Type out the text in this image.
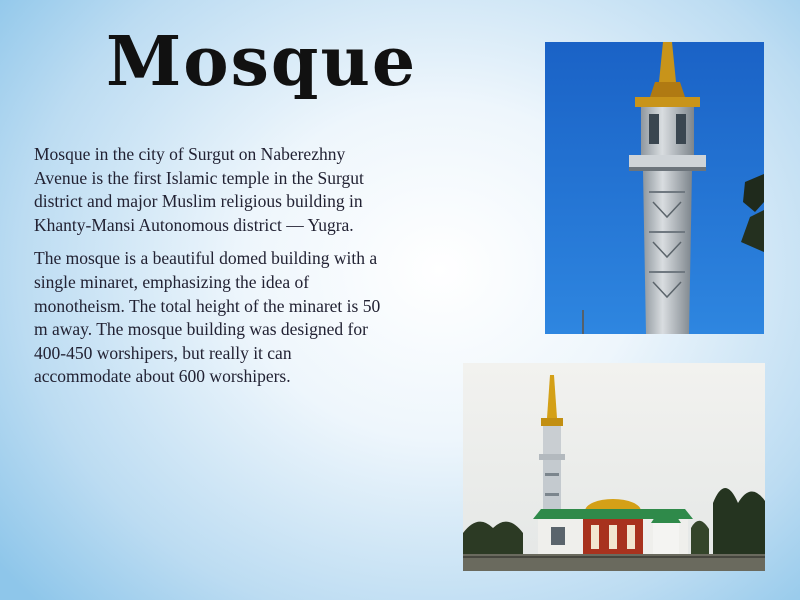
Mosque

Mosque in the city of Surgut on Naberezhny Avenue is the first Islamic temple in the Surgut district and major Muslim religious building in Khanty-Mansi Autonomous district — Yugra.

The mosque is a beautiful domed building with a single minaret, emphasizing the idea of monotheism. The total height of the minaret is 50 m away. The mosque building was designed for 400-450 worshipers, but really it can accommodate about 600 worshipers.
